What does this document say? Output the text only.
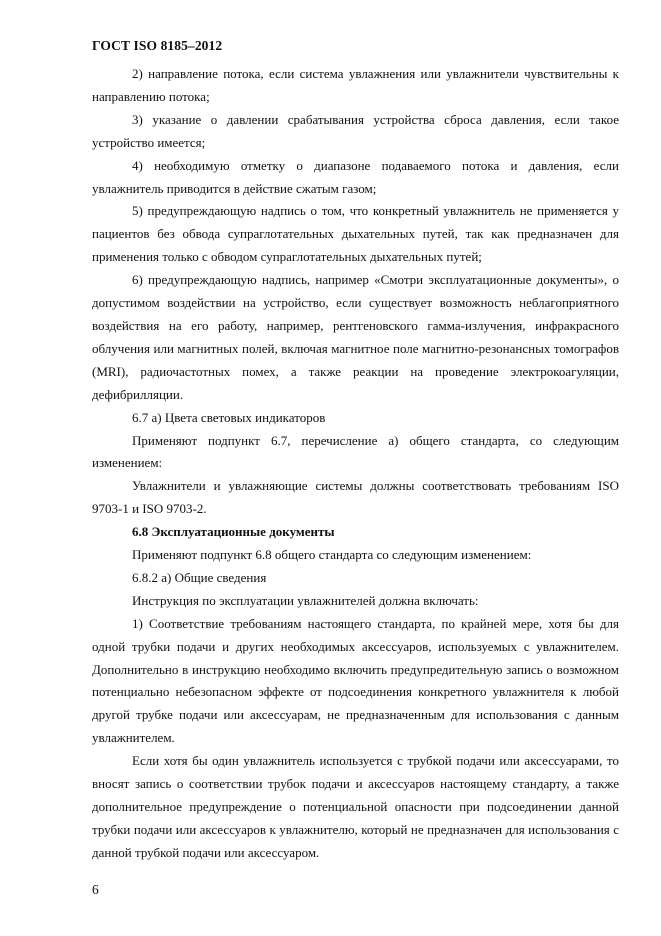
ГОСТ ISO 8185–2012

2) направление потока, если система увлажнения или увлажнители чувствительны к направлению потока;

3) указание о давлении срабатывания устройства сброса давления, если такое устройство имеется;

4) необходимую отметку о диапазоне подаваемого потока и давления, если увлажнитель приводится в действие сжатым газом;

5) предупреждающую надпись о том, что конкретный увлажнитель не применяется у пациентов без обвода супраглотательных дыхательных путей, так как предназначен для применения только с обводом супраглотательных дыхательных путей;

6) предупреждающую надпись, например «Смотри эксплуатационные документы», о допустимом воздействии на устройство, если существует возможность неблагоприятного воздействия на его работу, например, рентгеновского гамма-излучения, инфракрасного облучения или магнитных полей, включая магнитное поле магнитно-резонансных томографов (MRI), радиочастотных помех, а также реакции на проведение электрокоагуляции, дефибрилляции.

6.7 а) Цвета световых индикаторов

Применяют подпункт 6.7, перечисление а) общего стандарта, со следующим изменением:

Увлажнители и увлажняющие системы должны соответствовать требованиям ISO 9703-1 и ISO 9703-2.

6.8 Эксплуатационные документы

Применяют подпункт 6.8 общего стандарта со следующим изменением:

6.8.2 а) Общие сведения

Инструкция по эксплуатации увлажнителей должна включать:

1) Соответствие требованиям настоящего стандарта, по крайней мере, хотя бы для одной трубки подачи и других необходимых аксессуаров, используемых с увлажнителем. Дополнительно в инструкцию необходимо включить предупредительную запись о возможном потенциально небезопасном эффекте от подсоединения конкретного увлажнителя к любой другой трубке подачи или аксессуарам, не предназначенным для использования с данным увлажнителем.

Если хотя бы один увлажнитель используется с трубкой подачи или аксессуарами, то вносят запись о соответствии трубок подачи и аксессуаров настоящему стандарту, а также дополнительное предупреждение о потенциальной опасности при подсоединении данной трубки подачи или аксессуаров к увлажнителю, который не предназначен для использования с данной трубкой подачи или аксессуаром.

6
